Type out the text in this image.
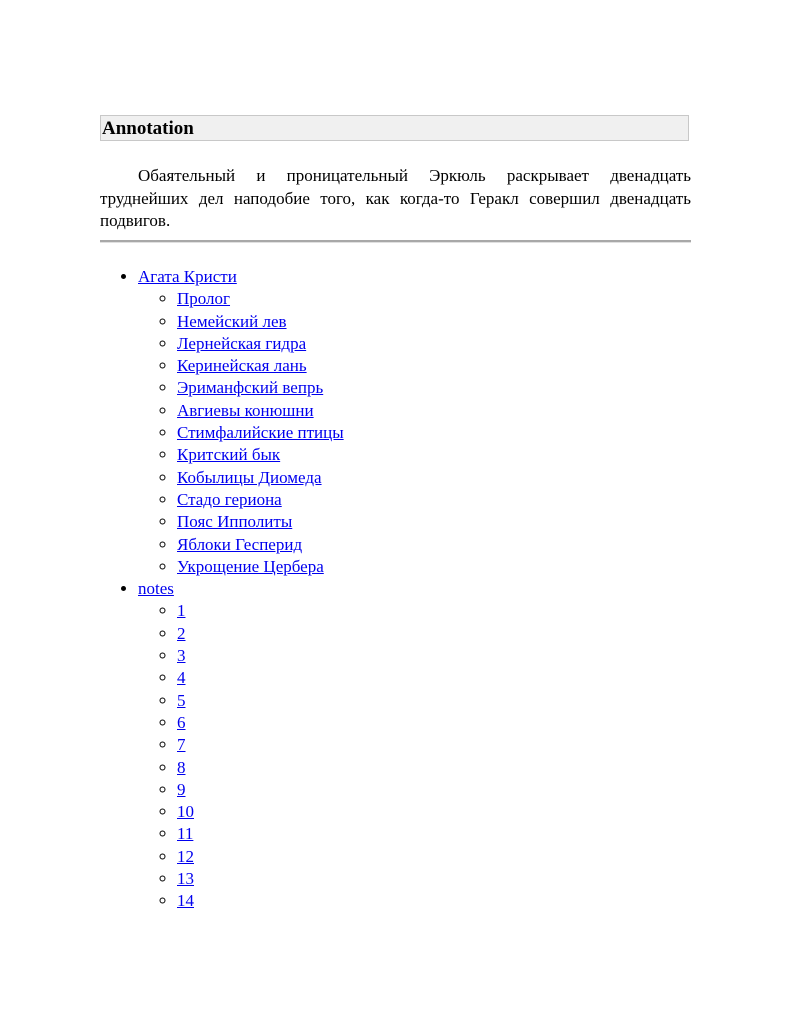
Annotation

Обаятельный и проницательный Эркюль раскрывает двенадцать труднейших дел наподобие того, как когда-то Геракл совершил двенадцать подвигов.

• Агата Кристи
◦ Пролог
◦ Немейский лев
◦ Лернейская гидра
◦ Керинейская лань
◦ Эриманфский вепрь
◦ Авгиевы конюшни
◦ Стимфалийские птицы
◦ Критский бык
◦ Кобылицы Диомеда
◦ Стадо гериона
◦ Пояс Ипполиты
◦ Яблоки Гесперид
◦ Укрощение Цербера
• notes
◦ 1
◦ 2
◦ 3
◦ 4
◦ 5
◦ 6
◦ 7
◦ 8
◦ 9
◦ 10
◦ 11
◦ 12
◦ 13
◦ 14
